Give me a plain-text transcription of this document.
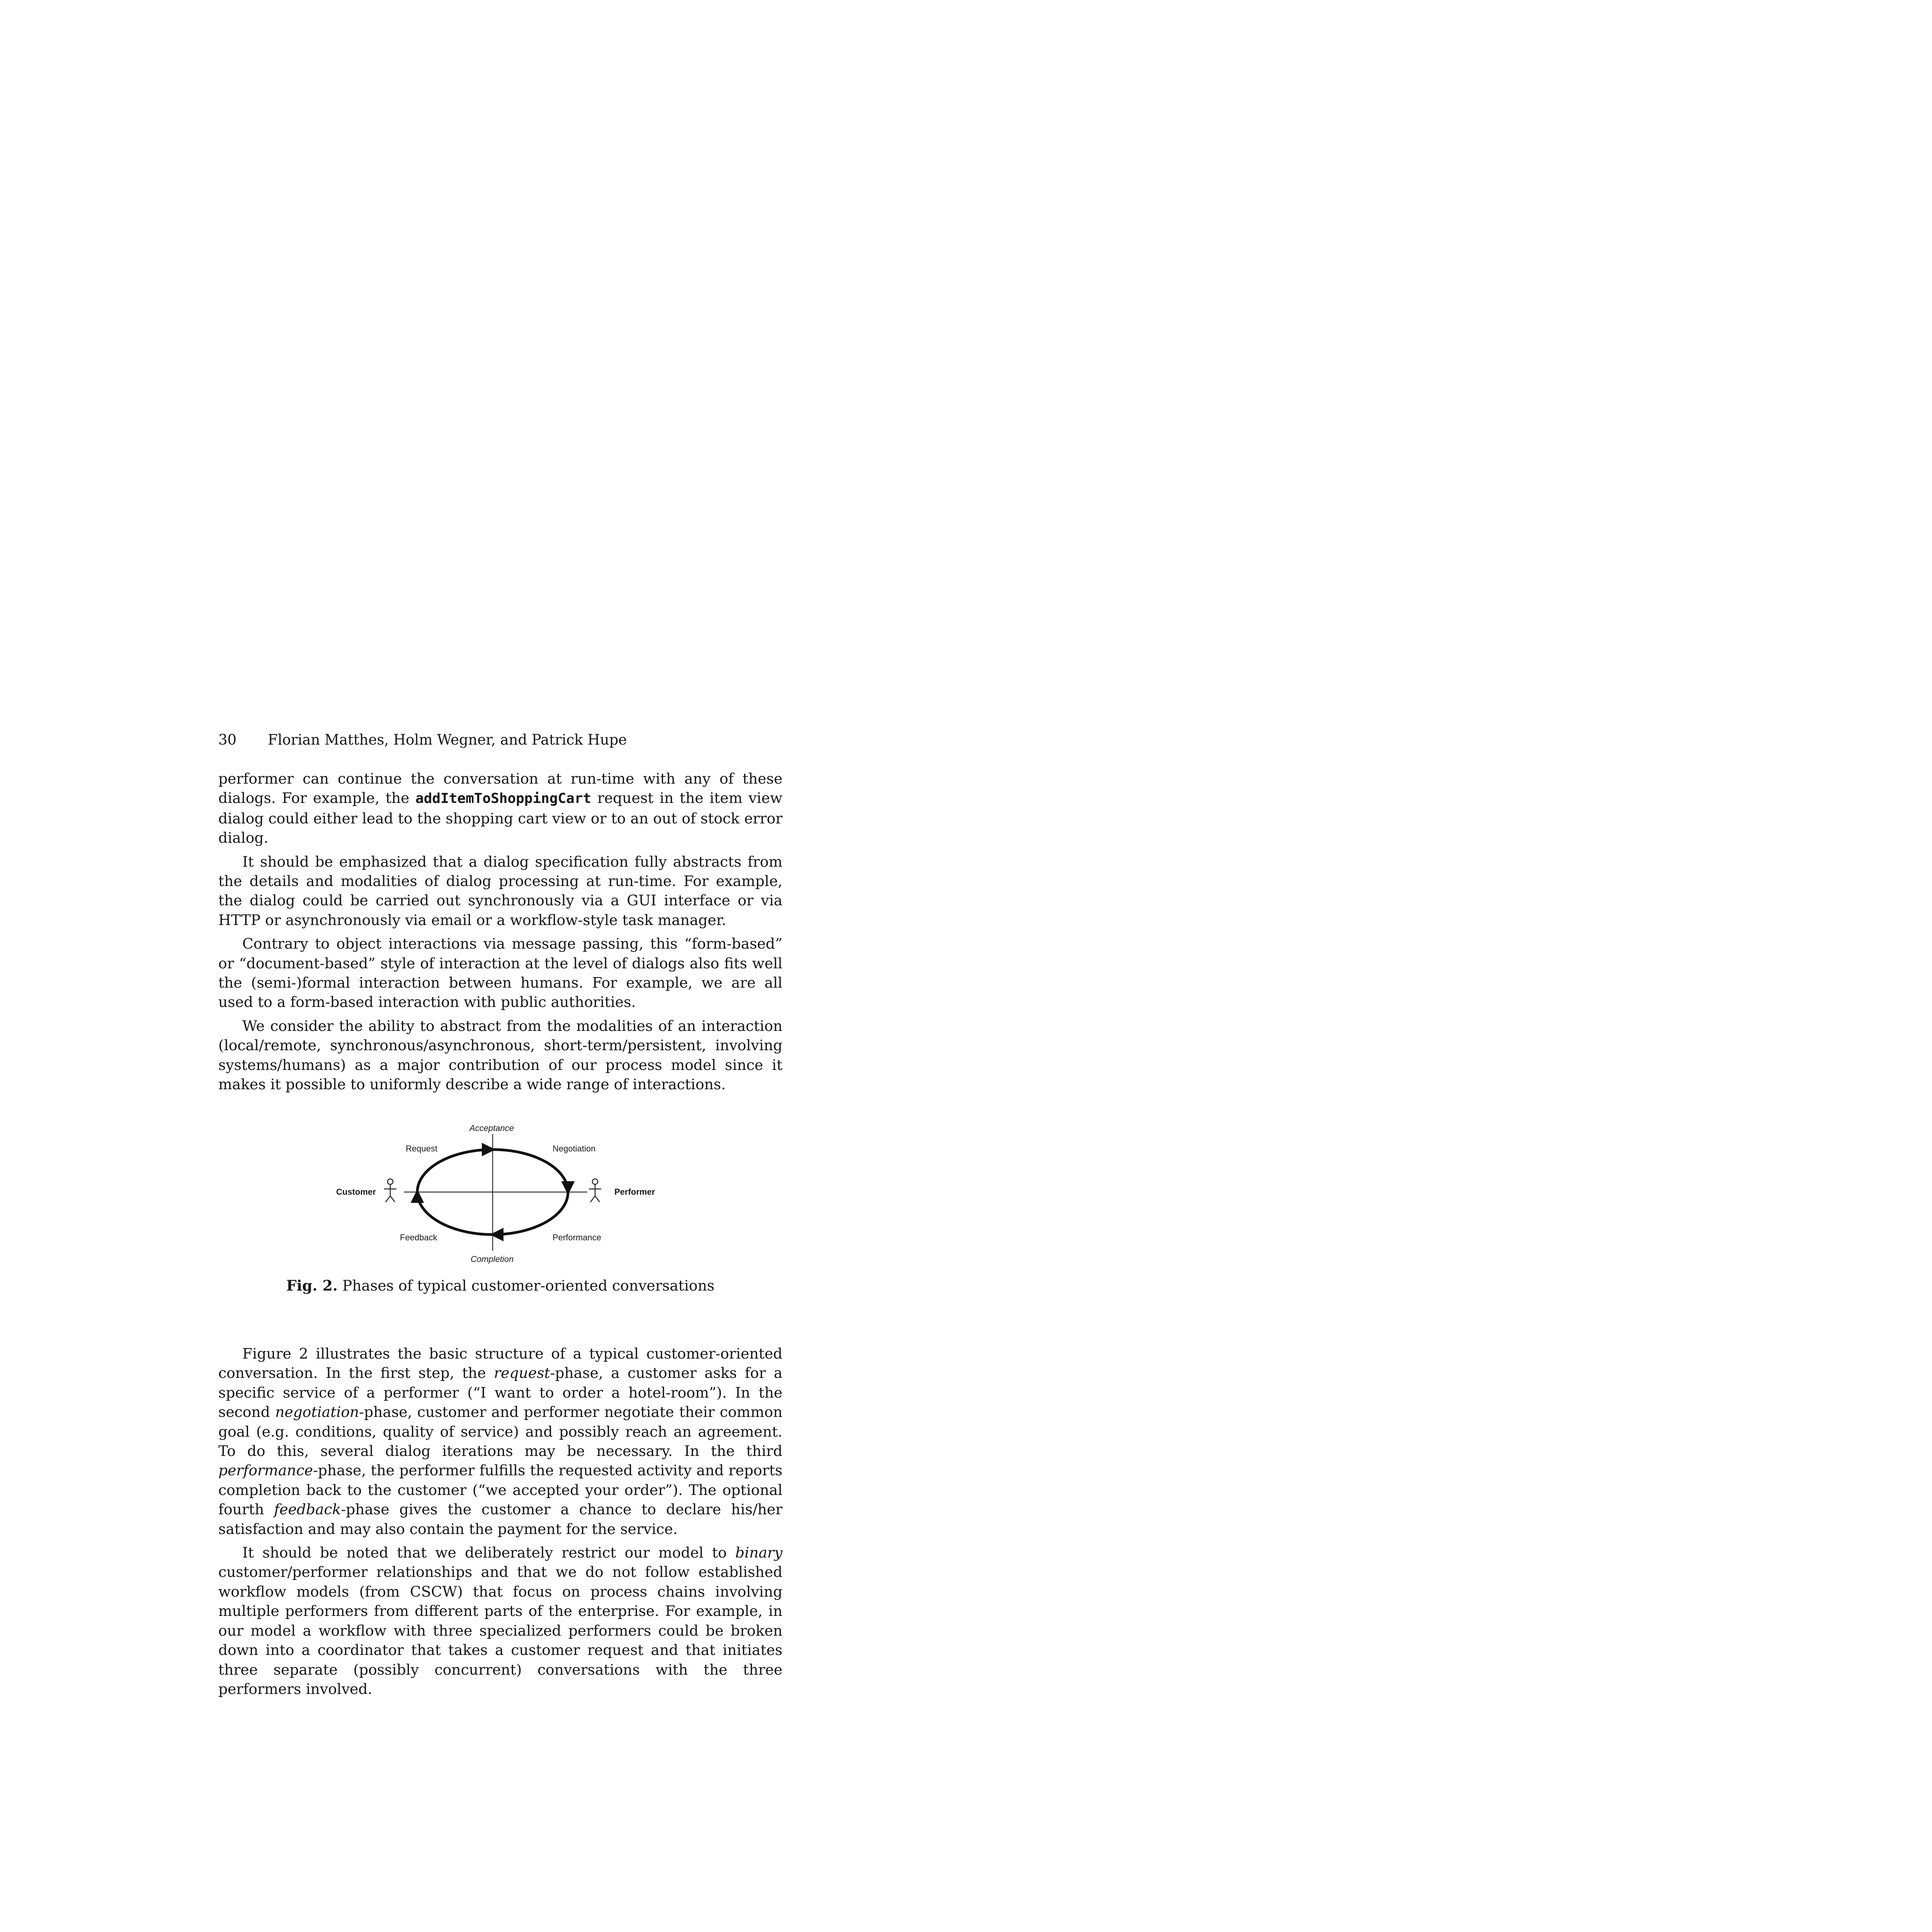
30 Florian Matthes, Holm Wegner, and Patrick Hupe

performer can continue the conversation at run-time with any of these dialogs. For example, the addItemToShoppingCart request in the item view dialog could either lead to the shopping cart view or to an out of stock error dialog.

It should be emphasized that a dialog specification fully abstracts from the details and modalities of dialog processing at run-time. For example, the dialog could be carried out synchronously via a GUI interface or via HTTP or asynchronously via email or a workflow-style task manager.

Contrary to object interactions via message passing, this “form-based” or “document-based” style of interaction at the level of dialogs also fits well the (semi-)formal interaction between humans. For example, we are all used to a form-based interaction with public authorities.

We consider the ability to abstract from the modalities of an interaction (local/remote, synchronous/asynchronous, short-term/persistent, involving systems/humans) as a major contribution of our process model since it makes it possible to uniformly describe a wide range of interactions.

Acceptance
Request	Negotiation
Customer	Performer
Feedback	Performance
Completion
Fig. 2. Phases of typical customer-oriented conversations

Figure 2 illustrates the basic structure of a typical customer-oriented conversation. In the first step, the request-phase, a customer asks for a specific service of a performer (“I want to order a hotel-room”). In the second negotiation-phase, customer and performer negotiate their common goal (e.g. conditions, quality of service) and possibly reach an agreement. To do this, several dialog iterations may be necessary. In the third performance-phase, the performer fulfills the requested activity and reports completion back to the customer (“we accepted your order”). The optional fourth feedback-phase gives the customer a chance to declare his/her satisfaction and may also contain the payment for the service.

It should be noted that we deliberately restrict our model to binary customer/performer relationships and that we do not follow established workflow models (from CSCW) that focus on process chains involving multiple performers from different parts of the enterprise. For example, in our model a workflow with three specialized performers could be broken down into a coordinator that takes a customer request and that initiates three separate (possibly concurrent) conversations with the three performers involved.
